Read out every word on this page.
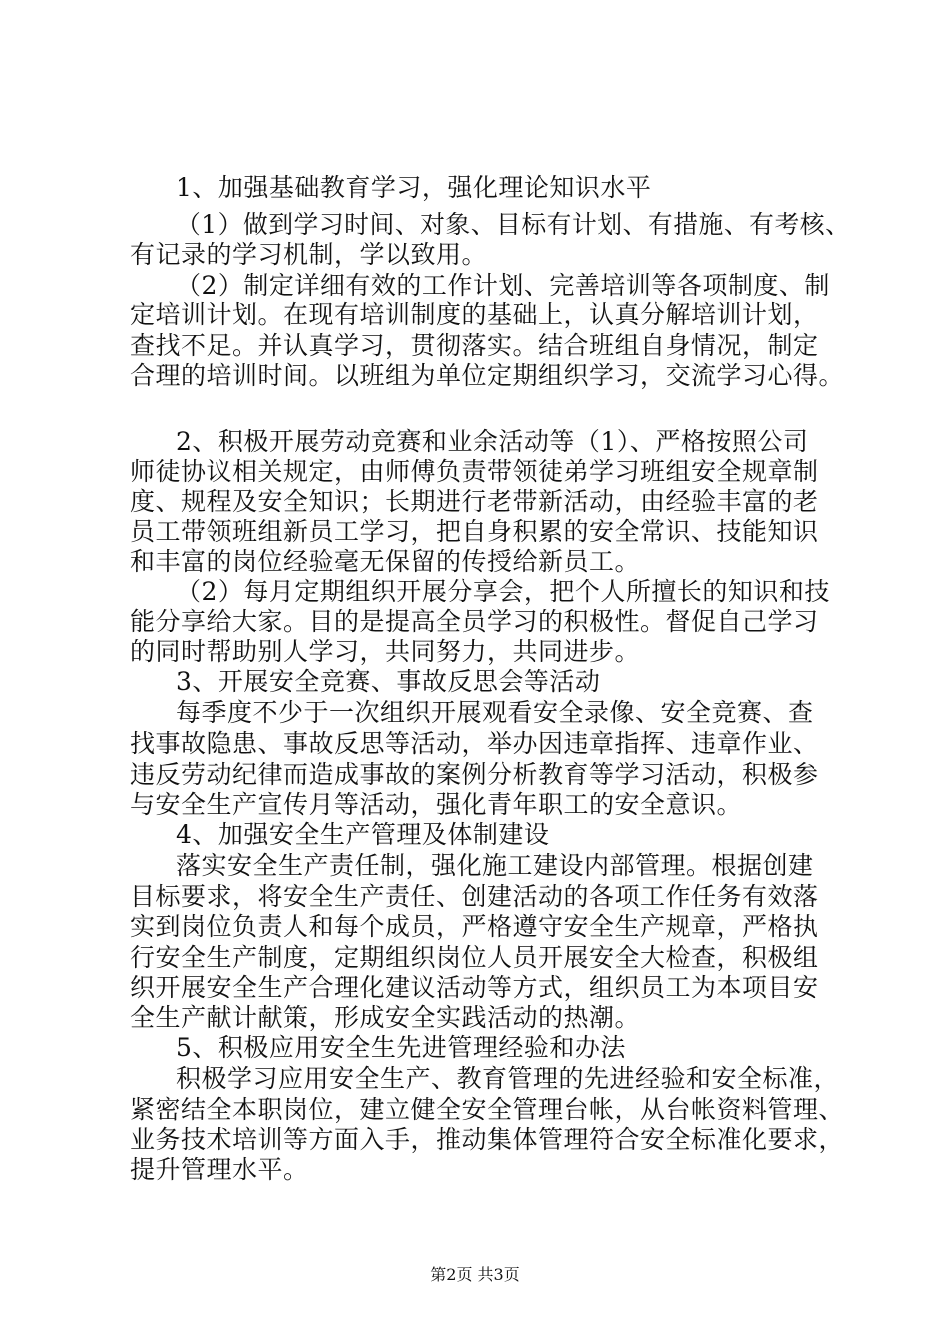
1、加强基础教育学习，强化理论知识水平
（1）做到学习时间、对象、目标有计划、有措施、有考核、
有记录的学习机制，学以致用。
（2）制定详细有效的工作计划、完善培训等各项制度、制
定培训计划。在现有培训制度的基础上，认真分解培训计划，
查找不足。并认真学习，贯彻落实。结合班组自身情况，制定
合理的培训时间。以班组为单位定期组织学习，交流学习心得。
2、积极开展劳动竞赛和业余活动等（1）、严格按照公司
师徒协议相关规定，由师傅负责带领徒弟学习班组安全规章制
度、规程及安全知识；长期进行老带新活动，由经验丰富的老
员工带领班组新员工学习，把自身积累的安全常识、技能知识
和丰富的岗位经验毫无保留的传授给新员工。
（2）每月定期组织开展分享会，把个人所擅长的知识和技
能分享给大家。目的是提高全员学习的积极性。督促自己学习
的同时帮助别人学习，共同努力，共同进步。
3、开展安全竞赛、事故反思会等活动
每季度不少于一次组织开展观看安全录像、安全竞赛、查
找事故隐患、事故反思等活动，举办因违章指挥、违章作业、
违反劳动纪律而造成事故的案例分析教育等学习活动，积极参
与安全生产宣传月等活动，强化青年职工的安全意识。
4、加强安全生产管理及体制建设
落实安全生产责任制，强化施工建设内部管理。根据创建
目标要求，将安全生产责任、创建活动的各项工作任务有效落
实到岗位负责人和每个成员，严格遵守安全生产规章，严格执
行安全生产制度，定期组织岗位人员开展安全大检查，积极组
织开展安全生产合理化建议活动等方式，组织员工为本项目安
全生产献计献策，形成安全实践活动的热潮。
5、积极应用安全生先进管理经验和办法
积极学习应用安全生产、教育管理的先进经验和安全标准，
紧密结全本职岗位，建立健全安全管理台帐，从台帐资料管理、
业务技术培训等方面入手，推动集体管理符合安全标准化要求，
提升管理水平。
第2页 共3页
